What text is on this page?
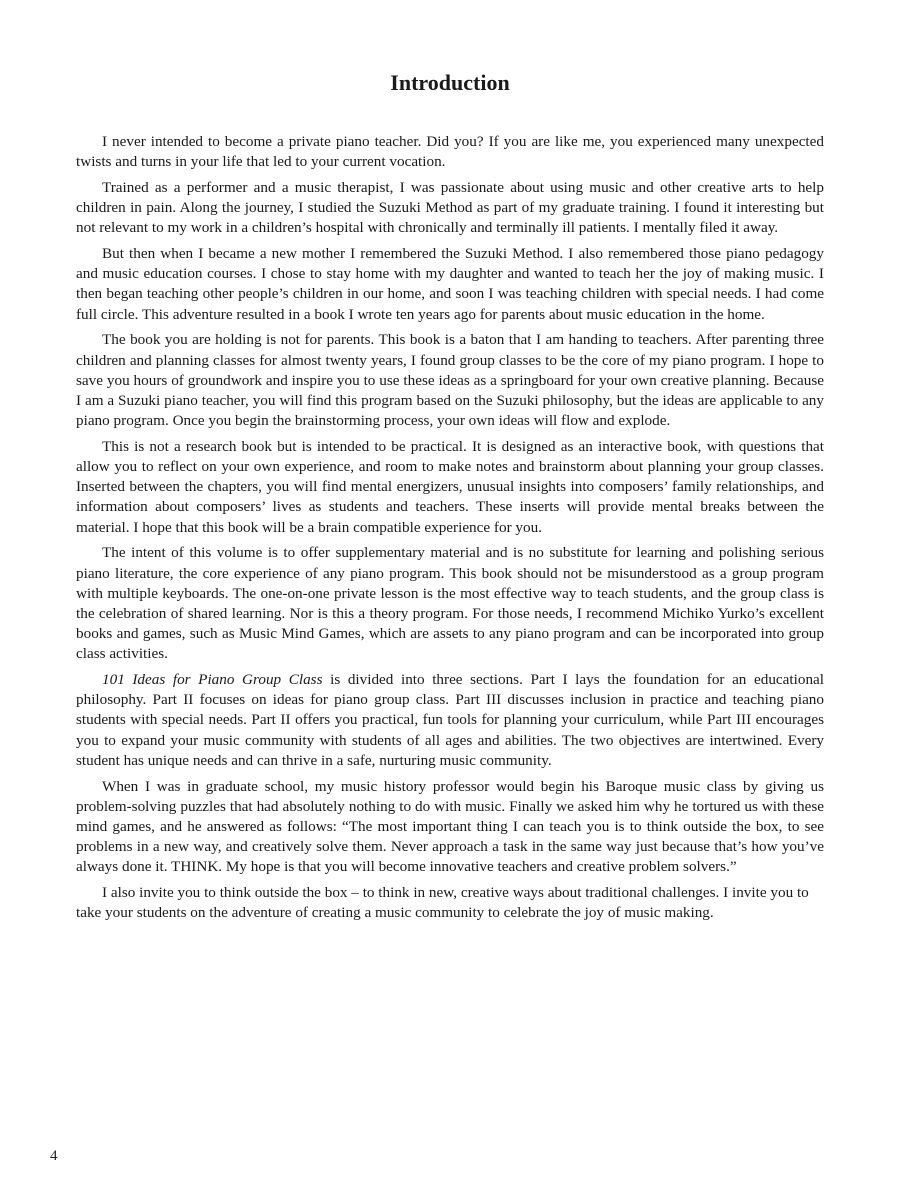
Introduction

I never intended to become a private piano teacher. Did you? If you are like me, you experienced many unexpected twists and turns in your life that led to your current vocation.

Trained as a performer and a music therapist, I was passionate about using music and other creative arts to help children in pain. Along the journey, I studied the Suzuki Method as part of my graduate training. I found it interesting but not relevant to my work in a children’s hospital with chronically and terminally ill patients. I mentally filed it away.

But then when I became a new mother I remembered the Suzuki Method. I also remembered those piano pedagogy and music education courses. I chose to stay home with my daughter and wanted to teach her the joy of making music. I then began teaching other people’s children in our home, and soon I was teaching children with special needs. I had come full circle. This adventure resulted in a book I wrote ten years ago for parents about music education in the home.

The book you are holding is not for parents. This book is a baton that I am handing to teachers. After parenting three children and planning classes for almost twenty years, I found group classes to be the core of my piano program. I hope to save you hours of groundwork and inspire you to use these ideas as a springboard for your own creative planning. Because I am a Suzuki piano teacher, you will find this program based on the Suzuki philosophy, but the ideas are applicable to any piano program. Once you begin the brainstorming process, your own ideas will flow and explode.

This is not a research book but is intended to be practical. It is designed as an interactive book, with questions that allow you to reflect on your own experience, and room to make notes and brainstorm about planning your group classes. Inserted between the chapters, you will find mental energizers, unusual insights into composers’ family relationships, and information about composers’ lives as students and teachers. These inserts will provide mental breaks between the material. I hope that this book will be a brain compatible experience for you.

The intent of this volume is to offer supplementary material and is no substitute for learning and polishing serious piano literature, the core experience of any piano program. This book should not be misunderstood as a group program with multiple keyboards. The one-on-one private lesson is the most effective way to teach students, and the group class is the celebration of shared learning. Nor is this a theory program. For those needs, I recommend Michiko Yurko’s excellent books and games, such as Music Mind Games, which are assets to any piano program and can be incorporated into group class activities.

101 Ideas for Piano Group Class is divided into three sections. Part I lays the foundation for an educational philosophy. Part II focuses on ideas for piano group class. Part III discusses inclusion in practice and teaching piano students with special needs. Part II offers you practical, fun tools for planning your curriculum, while Part III encourages you to expand your music community with students of all ages and abilities. The two objectives are intertwined. Every student has unique needs and can thrive in a safe, nurturing music community.

When I was in graduate school, my music history professor would begin his Baroque music class by giving us problem-solving puzzles that had absolutely nothing to do with music. Finally we asked him why he tortured us with these mind games, and he answered as follows: “The most important thing I can teach you is to think outside the box, to see problems in a new way, and creatively solve them. Never approach a task in the same way just because that’s how you’ve always done it. THINK. My hope is that you will become innovative teachers and creative problem solvers.”

I also invite you to think outside the box – to think in new, creative ways about traditional challenges. I invite you to take your students on the adventure of creating a music community to celebrate the joy of music making.

4
